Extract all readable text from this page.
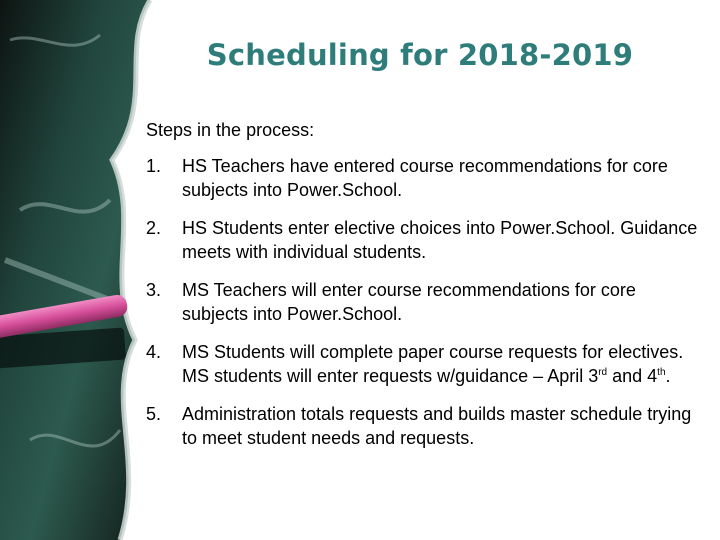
Scheduling for 2018-2019

Steps in the process:

1.	HS Teachers have entered course recommendations for core subjects into Power.School.
2.	HS Students enter elective choices into Power.School. Guidance meets with individual students.
3.	MS Teachers will enter course recommendations for core subjects into Power.School.
4.	MS Students will complete paper course requests for electives. MS students will enter requests w/guidance – April 3rd and 4th.
5.	Administration totals requests and builds master schedule trying to meet student needs and requests.
